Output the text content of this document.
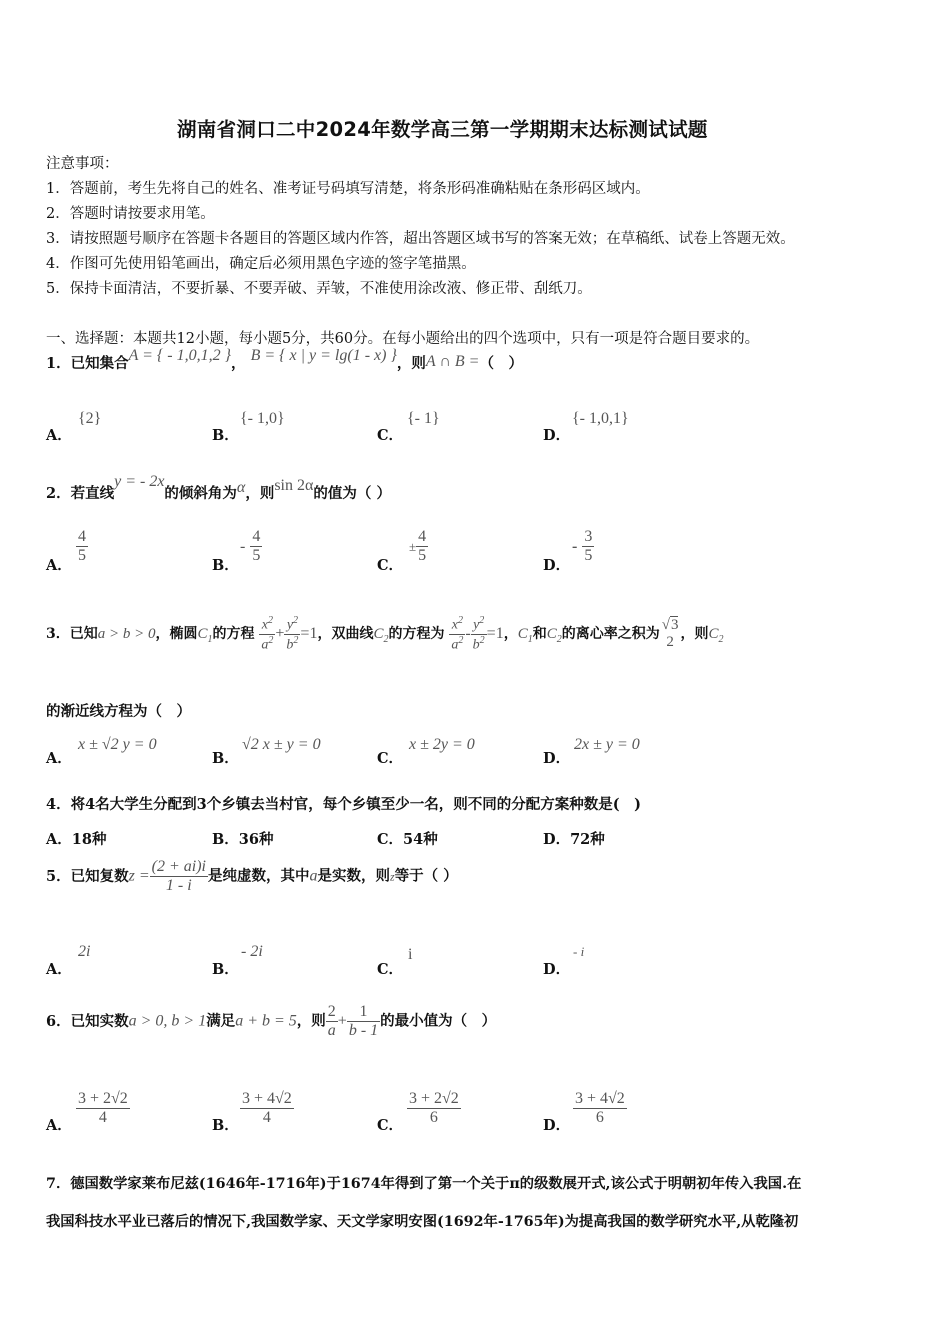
湖南省洞口二中2024年数学高三第一学期期末达标测试试题
注意事项：
1．答题前，考生先将自己的姓名、准考证号码填写清楚，将条形码准确粘贴在条形码区域内。
2．答题时请按要求用笔。
3．请按照题号顺序在答题卡各题目的答题区域内作答，超出答题区域书写的答案无效；在草稿纸、试卷上答题无效。
4．作图可先使用铅笔画出，确定后必须用黑色字迹的签字笔描黑。
5．保持卡面清洁，不要折暴、不要弄破、弄皱，不准使用涂改液、修正带、刮纸刀。
一、选择题：本题共12小题，每小题5分，共60分。在每小题给出的四个选项中，只有一项是符合题目要求的。
1．已知集合A = { - 1,0,1,2 }， B = { x | y = lg(1 - x) }，则A ∩ B =（　）
A．
{2}
B．
{- 1,0}
C．
{- 1}
D．
{- 1,0,1}
2．若直线y = - 2x的倾斜角为α，则sin 2α的值为（ ）
A．
$\frac{4}{5}$
B．
- $\frac{4}{5}$
C．
± $\frac{4}{5}$
D．
- $\frac{3}{5}$
3．已知a > b > 0，椭圆$C_1$的方程 $\frac{x^2}{a^2} + \frac{y^2}{b^2} =1$，双曲线$C_2$的方程为 $\frac{x^2}{a^2} - \frac{y^2}{b^2} =1$，$C_1$和$C_2$的离心率之积为
√3
2 ，则$C_2$
的渐近线方程为（　）
A．
x ± √2 y = 0
B．
√2 x ± y = 0
C．
x ± 2y = 0
D．
2x ± y = 0
4．将4名大学生分配到3个乡镇去当村官，每个乡镇至少一名，则不同的分配方案种数是(　)
A．18种	B．36种	C．54种	D．72种
5．已知复数$z = \frac{(2 + ai)i}{1 - i}$ 是纯虚数，其中a是实数，则z等于（ ）
A．
2i
B．
- 2i
C．
i
D．
- i
6．已知实数a > 0, b > 1满足a + b = 5，则 $\frac{2}{a} + \frac{1}{b - 1}$ 的最小值为（　）
A． $\frac{3 + 2√2}{4}$	B． $\frac{3 + 4√2}{4}$	C． $\frac{3 + 2√2}{6}$	D． $\frac{3 + 4√2}{6}$
7．德国数学家莱布尼兹(1646年-1716年)于1674年得到了第一个关于π的级数展开式,该公式于明朝初年传入我国.在
我国科技水平业已落后的情况下,我国数学家、天文学家明安图(1692年-1765年)为提高我国的数学研究水平,从乾隆初
